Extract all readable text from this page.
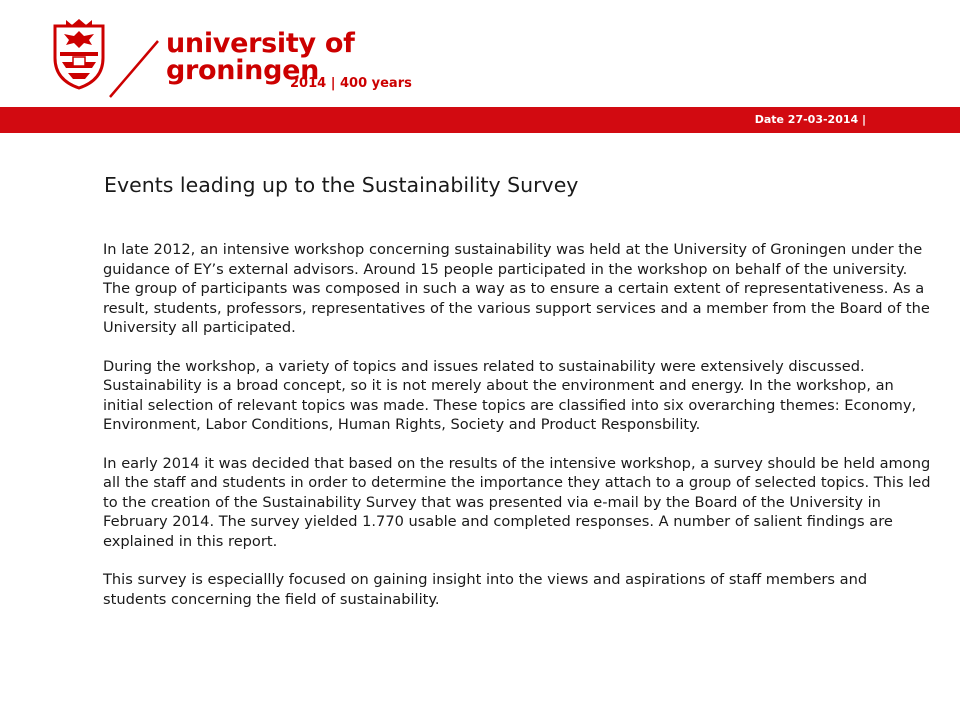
university of
groningen
2014 | 400 years
Date 27-03-2014 |
Events leading up to the Sustainability Survey

In late 2012, an intensive workshop concerning sustainability was held at the University of Groningen under the guidance of EY’s external advisors. Around 15 people participated in the workshop on behalf of the university. The group of participants was composed in such a way as to ensure a certain extent of representativeness. As a result, students, professors, representatives of the various support services and a member from the Board of the University all participated.

During the workshop, a variety of topics and issues related to sustainability were extensively discussed. Sustainability is a broad concept, so it is not merely about the environment and energy. In the workshop, an initial selection of relevant topics was made. These topics are classified into six overarching themes: Economy, Environment, Labor Conditions, Human Rights, Society and Product Responsbility.

In early 2014 it was decided that based on the results of the intensive workshop, a survey should be held among all the staff and students in order to determine the importance they attach to a group of selected topics. This led to the creation of the Sustainability Survey that was presented via e-mail by the Board of the University in February 2014. The survey yielded 1.770 usable and completed responses. A number of salient findings are explained in this report.

This survey is especiallly focused on gaining insight into the views and aspirations of staff members and students concerning the field of sustainability.
